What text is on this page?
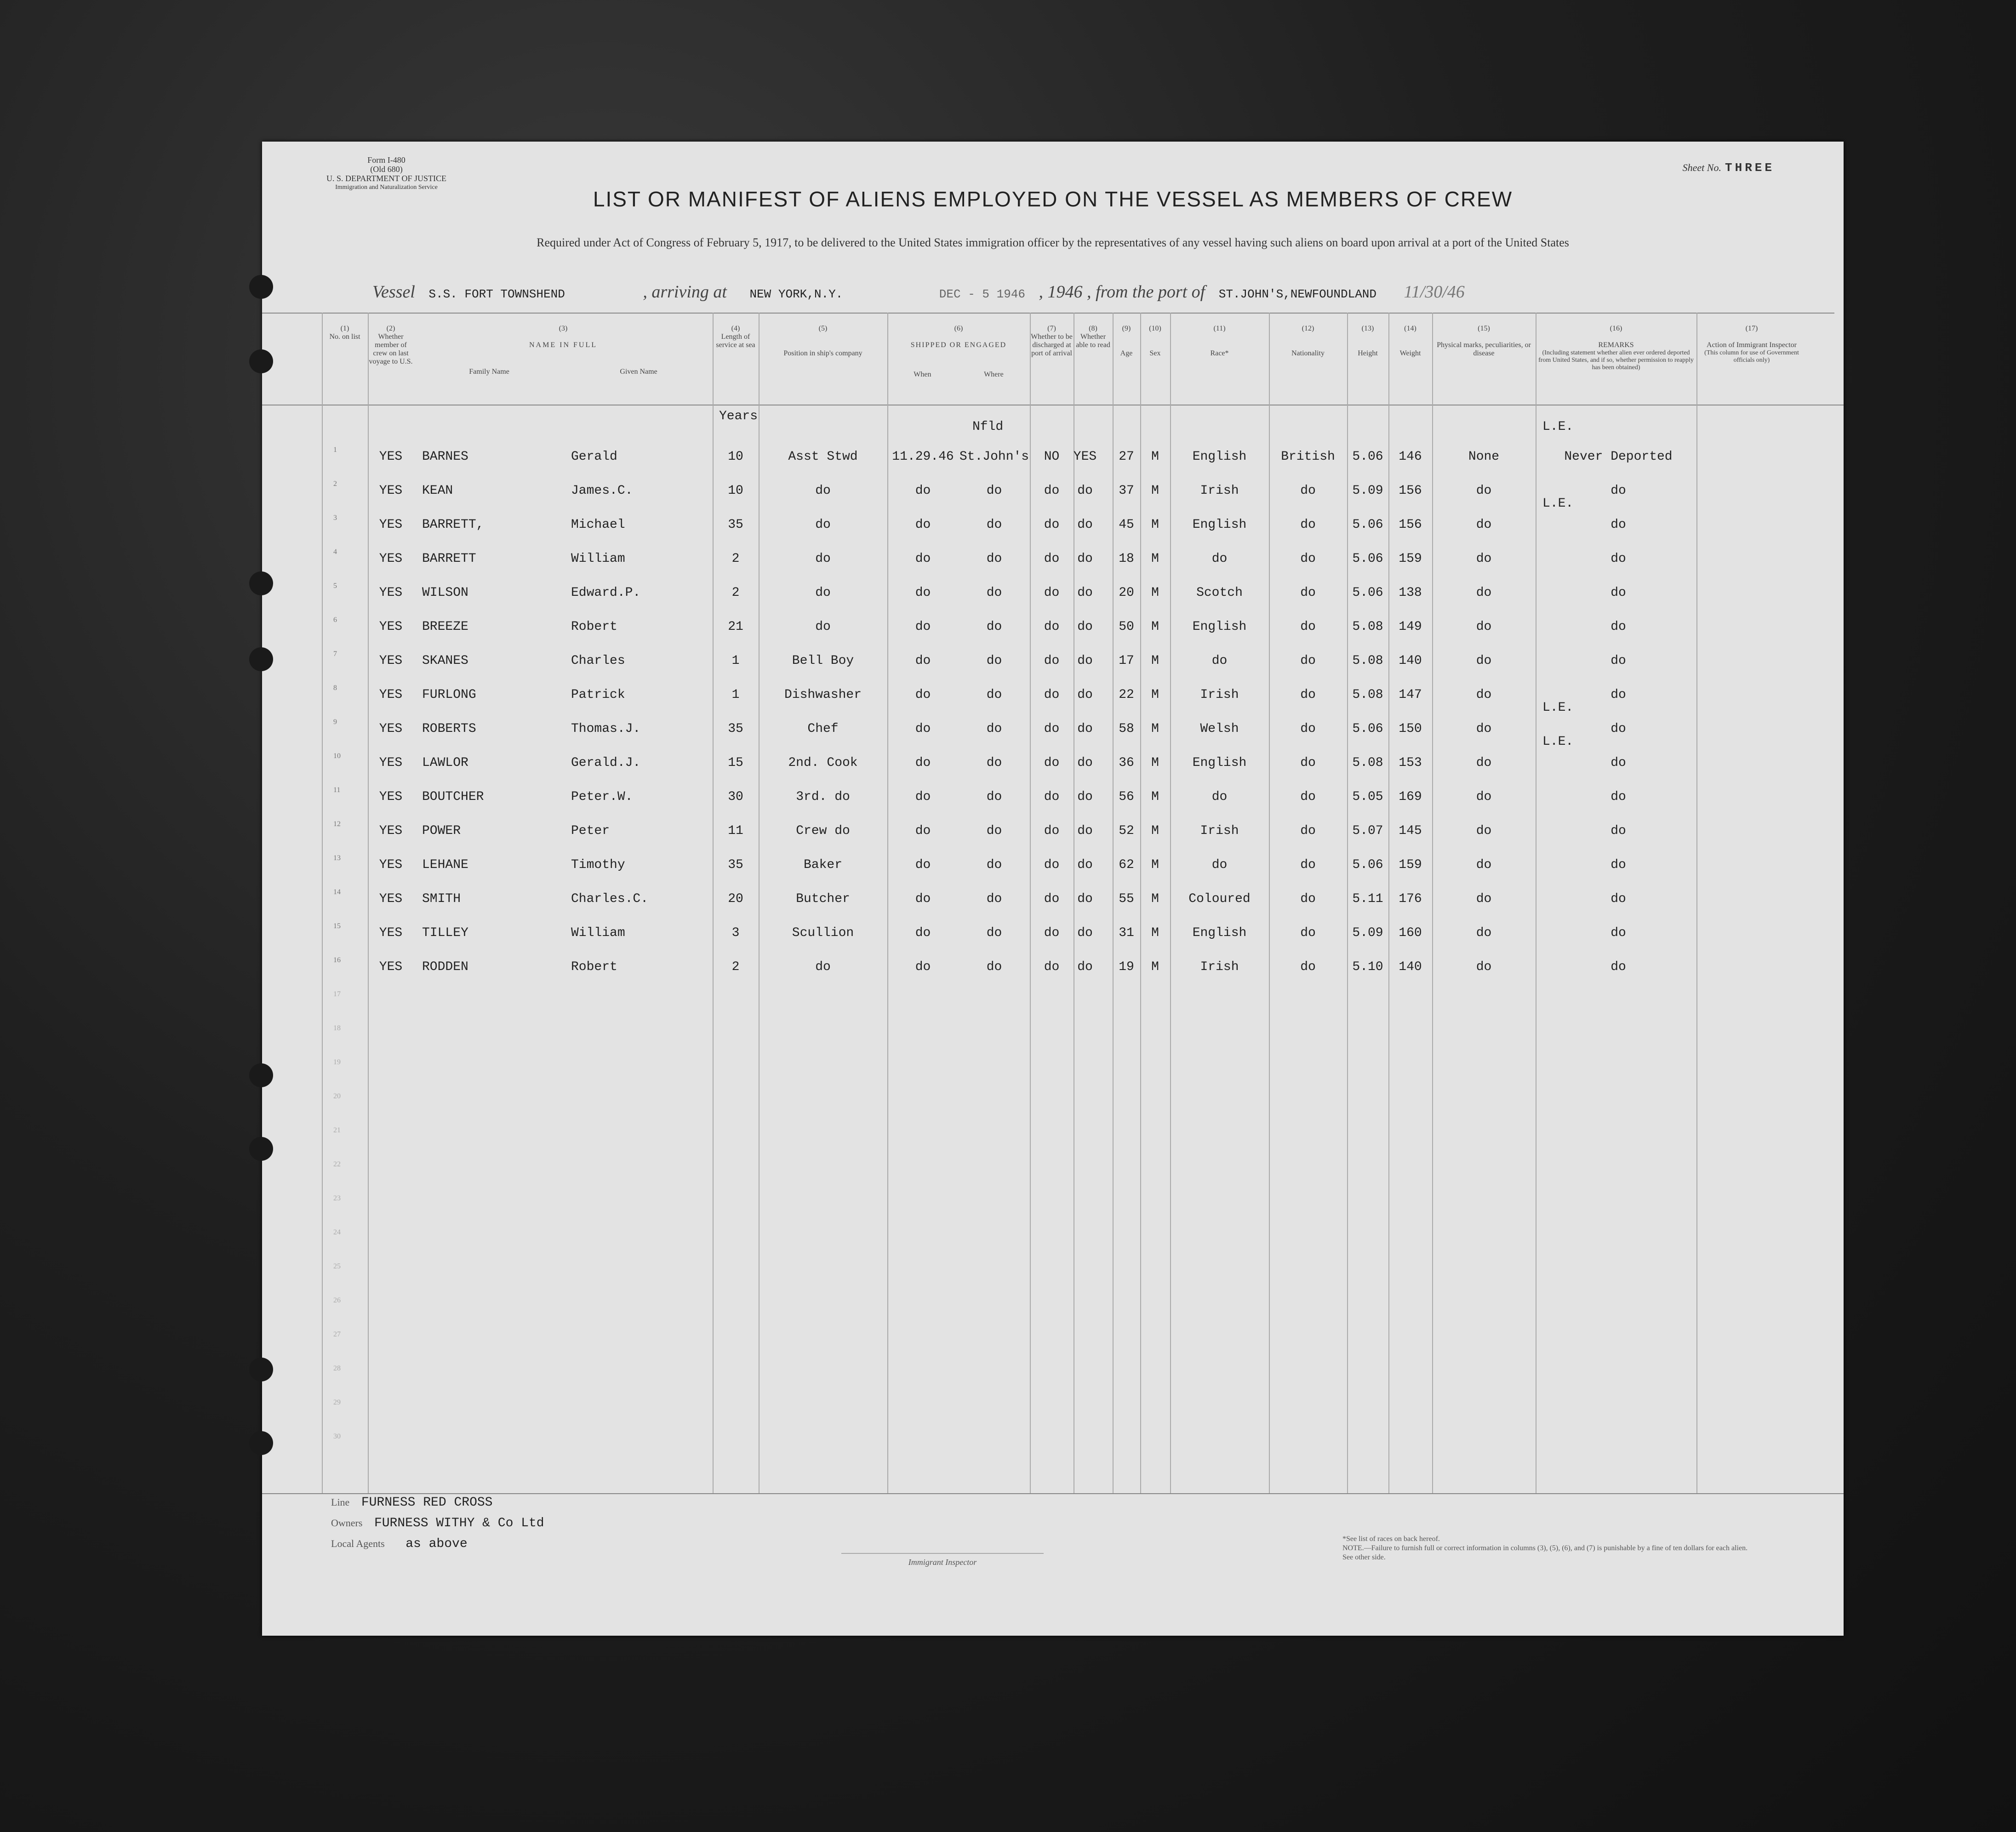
Form I-480
(Old 680)
U. S. DEPARTMENT OF JUSTICE
Immigration and Naturalization Service
Sheet No. THREE
LIST OR MANIFEST OF ALIENS EMPLOYED ON THE VESSEL AS MEMBERS OF CREW
Required under Act of Congress of February 5, 1917, to be delivered to the United States immigration officer by the representatives of any vessel having such aliens on board upon arrival at a port of the United States
Vessel S.S. FORT TOWNSHEND	, arriving at NEW YORK,N.Y.	DEC - 5 1946 , 1946 , from the port of ST.JOHN'S,NEWFOUNDLAND 11/30/46
(1)
No. on list
(2)
Whether member of crew on last voyage to U.S.
(3)
NAME IN FULL
Family Name	Given Name
(4)
Length of service at sea
(5)
Position in ship's company
(6)
SHIPPED OR ENGAGED
When	Where
(7)
Whether to be discharged at port of arrival
(8)
Whether able to read
(9)
Age
(10)
Sex
(11)
Race*
(12)
Nationality
(13)
Height
(14)
Weight
(15)
Physical marks, peculiarities, or disease
(16)
REMARKS
(Including statement whether alien ever ordered deported from United States, and if so, whether permission to reapply has been obtained)
(17)
Action of Immigrant Inspector
(This column for use of Government officials only)
Years
Nfld	L.E.
1	YES	BARNES	Gerald	10	Asst Stwd	11.29.46 St.John's	NO	YES	27	M	English	British	5.06	146	None	Never Deported
2	YES	KEAN	James.C.	10	do	do	do	do	do	37	M	Irish	do	5.09	156	do	do
L.E.
3	YES	BARRETT,	Michael	35	do	do	do	do	do	45	M	English	do	5.06	156	do	do
4	YES	BARRETT	William	2	do	do	do	do	do	18	M	do	do	5.06	159	do	do
5	YES	WILSON	Edward.P.	2	do	do	do	do	do	20	M	Scotch	do	5.06	138	do	do
6	YES	BREEZE	Robert	21	do	do	do	do	do	50	M	English	do	5.08	149	do	do
7	YES	SKANES	Charles	1	Bell Boy	do	do	do	do	17	M	do	do	5.08	140	do	do
8	YES	FURLONG	Patrick	1	Dishwasher	do	do	do	do	22	M	Irish	do	5.08	147	do	do
L.E.
9	YES	ROBERTS	Thomas.J.	35	Chef	do	do	do	do	58	M	Welsh	do	5.06	150	do	do
L.E.
10	YES	LAWLOR	Gerald.J.	15	2nd. Cook	do	do	do	do	36	M	English	do	5.08	153	do	do
11	YES	BOUTCHER	Peter.W.	30	3rd. do	do	do	do	do	56	M	do	do	5.05	169	do	do
12	YES	POWER	Peter	11	Crew do	do	do	do	do	52	M	Irish	do	5.07	145	do	do
13	YES	LEHANE	Timothy	35	Baker	do	do	do	do	62	M	do	do	5.06	159	do	do
14	YES	SMITH	Charles.C.	20	Butcher	do	do	do	do	55	M	Coloured	do	5.11	176	do	do
15	YES	TILLEY	William	3	Scullion	do	do	do	do	31	M	English	do	5.09	160	do	do
16	YES	RODDEN	Robert	2	do	do	do	do	do	19	M	Irish	do	5.10	140	do	do
17
18
19
20
21
22
23
24
25
26
27
28
29
30
Line FURNESS RED CROSS
Owners FURNESS WITHY & Co Ltd
Local Agents as above
Immigrant Inspector
*See list of races on back hereof.
NOTE.—Failure to furnish full or correct information in columns (3), (5), (6), and (7) is punishable by a fine of ten dollars for each alien. See other side.
